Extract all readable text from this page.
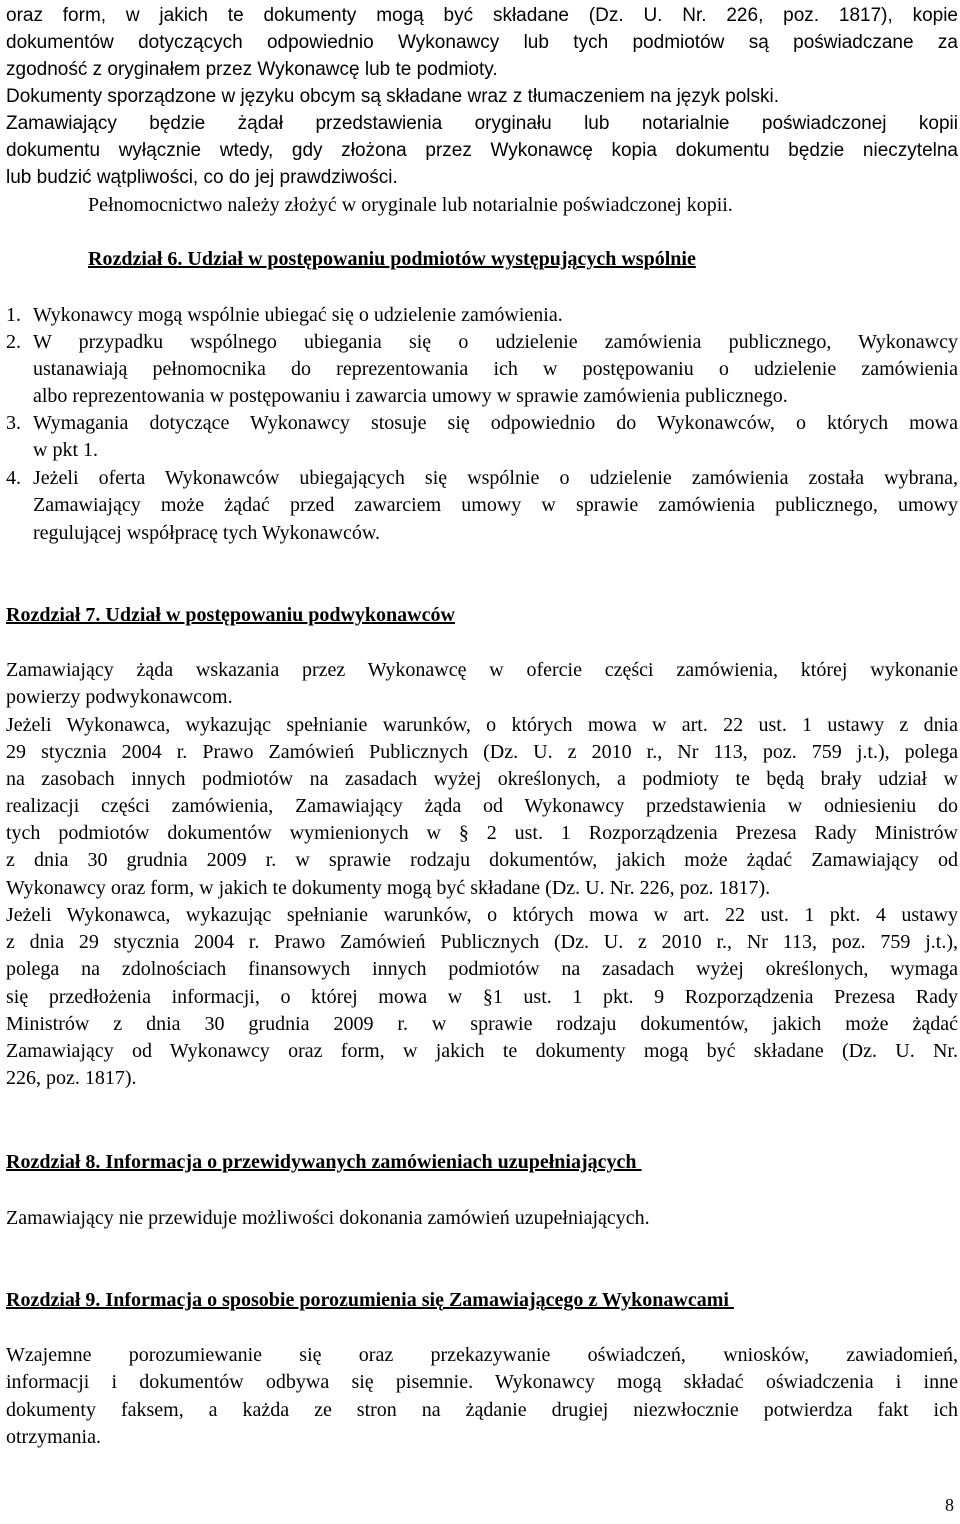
oraz form, w jakich te dokumenty mogą być składane (Dz. U. Nr. 226, poz. 1817), kopie
dokumentów dotyczących odpowiednio Wykonawcy lub tych podmiotów są poświadczane za
zgodność z oryginałem przez Wykonawcę lub te podmioty.
Dokumenty sporządzone w języku obcym są składane wraz z tłumaczeniem na język polski.
Zamawiający będzie żądał przedstawienia oryginału lub notarialnie poświadczonej kopii
dokumentu wyłącznie wtedy, gdy złożona przez Wykonawcę kopia dokumentu będzie nieczytelna
lub budzić wątpliwości, co do jej prawdziwości.
Pełnomocnictwo należy złożyć w oryginale lub notarialnie poświadczonej kopii.
Rozdział 6. Udział w postępowaniu podmiotów występujących wspólnie
1. Wykonawcy mogą wspólnie ubiegać się o udzielenie zamówienia.
2. W przypadku wspólnego ubiegania się o udzielenie zamówienia publicznego, Wykonawcy
ustanawiają pełnomocnika do reprezentowania ich w postępowaniu o udzielenie zamówienia
albo reprezentowania w postępowaniu i zawarcia umowy w sprawie zamówienia publicznego.
3. Wymagania dotyczące Wykonawcy stosuje się odpowiednio do Wykonawców, o których mowa
w pkt 1.
4. Jeżeli oferta Wykonawców ubiegających się wspólnie o udzielenie zamówienia została wybrana,
Zamawiający może żądać przed zawarciem umowy w sprawie zamówienia publicznego, umowy
regulującej współpracę tych Wykonawców.
Rozdział 7. Udział w postępowaniu podwykonawców
Zamawiający żąda wskazania przez Wykonawcę w ofercie części zamówienia, której wykonanie
powierzy podwykonawcom.
Jeżeli Wykonawca, wykazując spełnianie warunków, o których mowa w art. 22 ust. 1 ustawy z dnia
29 stycznia 2004 r. Prawo Zamówień Publicznych (Dz. U. z 2010 r., Nr 113, poz. 759 j.t.), polega
na zasobach innych podmiotów na zasadach wyżej określonych, a podmioty te będą brały udział w
realizacji części zamówienia, Zamawiający żąda od Wykonawcy przedstawienia w odniesieniu do
tych podmiotów dokumentów wymienionych w § 2 ust. 1 Rozporządzenia Prezesa Rady Ministrów
z dnia 30 grudnia 2009 r. w sprawie rodzaju dokumentów, jakich może żądać Zamawiający od
Wykonawcy oraz form, w jakich te dokumenty mogą być składane (Dz. U. Nr. 226, poz. 1817).
Jeżeli Wykonawca, wykazując spełnianie warunków, o których mowa w art. 22 ust. 1 pkt. 4 ustawy
z dnia 29 stycznia 2004 r. Prawo Zamówień Publicznych (Dz. U. z 2010 r., Nr 113, poz. 759 j.t.),
polega na zdolnościach finansowych innych podmiotów na zasadach wyżej określonych, wymaga
się przedłożenia informacji, o której mowa w §1 ust. 1 pkt. 9 Rozporządzenia Prezesa Rady
Ministrów z dnia 30 grudnia 2009 r. w sprawie rodzaju dokumentów, jakich może żądać
Zamawiający od Wykonawcy oraz form, w jakich te dokumenty mogą być składane (Dz. U. Nr.
226, poz. 1817).
Rozdział 8. Informacja o przewidywanych zamówieniach uzupełniających
Zamawiający nie przewiduje możliwości dokonania zamówień uzupełniających.
Rozdział 9. Informacja o sposobie porozumienia się Zamawiającego z Wykonawcami
Wzajemne porozumiewanie się oraz przekazywanie oświadczeń, wniosków, zawiadomień,
informacji i dokumentów odbywa się pisemnie. Wykonawcy mogą składać oświadczenia i inne
dokumenty faksem, a każda ze stron na żądanie drugiej niezwłocznie potwierdza fakt ich
otrzymania.
8
